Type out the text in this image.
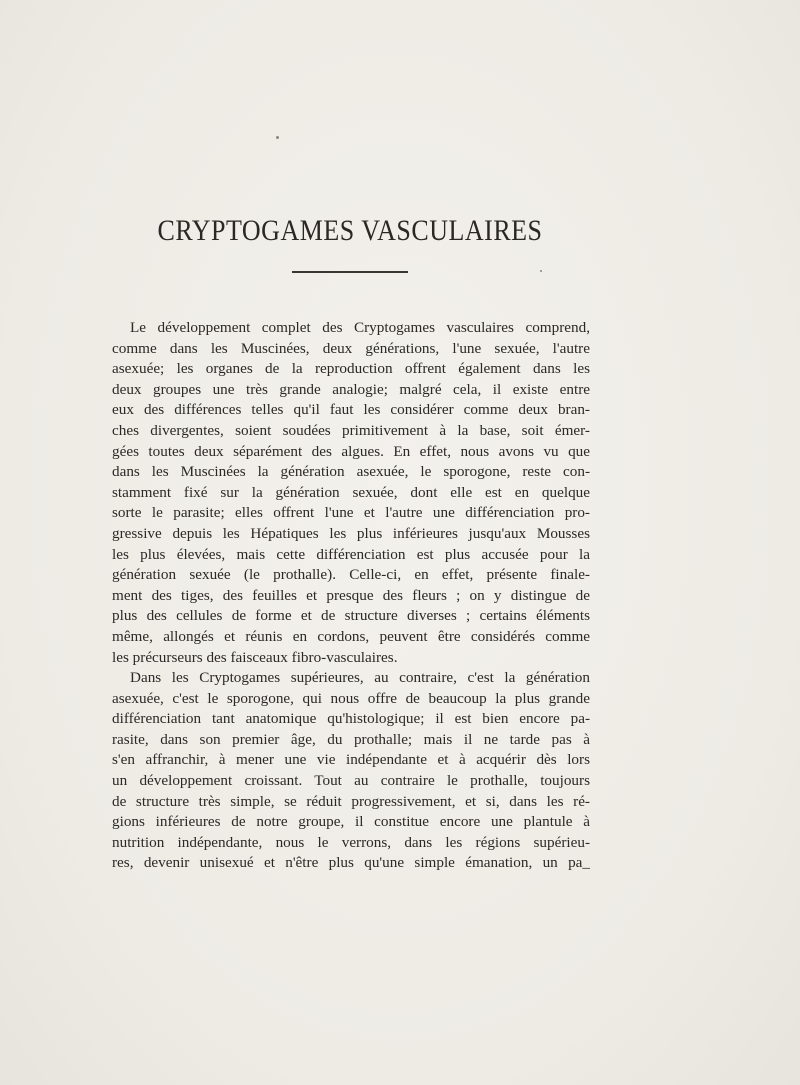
CRYPTOGAMES VASCULAIRES
Le développement complet des Cryptogames vasculaires comprend,
comme dans les Muscinées, deux générations, l'une sexuée, l'autre
asexuée; les organes de la reproduction offrent également dans les
deux groupes une très grande analogie; malgré cela, il existe entre
eux des différences telles qu'il faut les considérer comme deux bran-
ches divergentes, soient soudées primitivement à la base, soit émer-
gées toutes deux séparément des algues. En effet, nous avons vu que
dans les Muscinées la génération asexuée, le sporogone, reste con-
stamment fixé sur la génération sexuée, dont elle est en quelque
sorte le parasite; elles offrent l'une et l'autre une différenciation pro-
gressive depuis les Hépatiques les plus inférieures jusqu'aux Mousses
les plus élevées, mais cette différenciation est plus accusée pour la
génération sexuée (le prothalle). Celle-ci, en effet, présente finale-
ment des tiges, des feuilles et presque des fleurs ; on y distingue de
plus des cellules de forme et de structure diverses ; certains éléments
même, allongés et réunis en cordons, peuvent être considérés comme
les précurseurs des faisceaux fibro-vasculaires.
Dans les Cryptogames supérieures, au contraire, c'est la génération
asexuée, c'est le sporogone, qui nous offre de beaucoup la plus grande
différenciation tant anatomique qu'histologique; il est bien encore pa-
rasite, dans son premier âge, du prothalle; mais il ne tarde pas à
s'en affranchir, à mener une vie indépendante et à acquérir dès lors
un développement croissant. Tout au contraire le prothalle, toujours
de structure très simple, se réduit progressivement, et si, dans les ré-
gions inférieures de notre groupe, il constitue encore une plantule à
nutrition indépendante, nous le verrons, dans les régions supérieu-
res, devenir unisexué et n'être plus qu'une simple émanation, un pa_
